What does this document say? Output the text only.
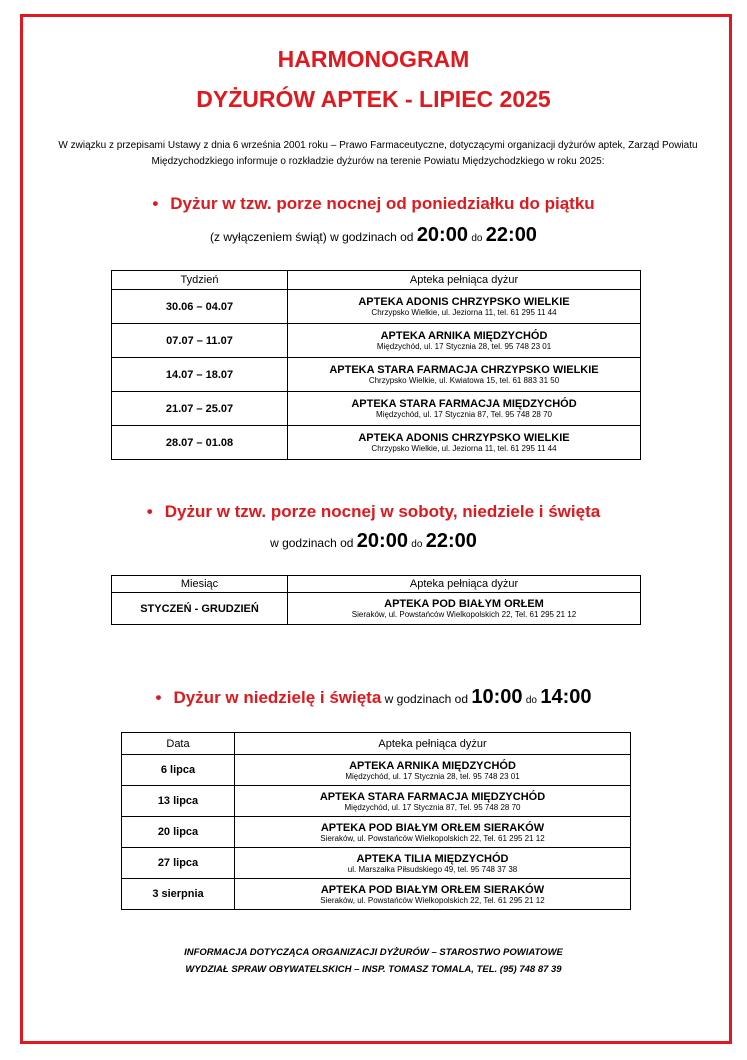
HARMONOGRAM
DYŻURÓW APTEK - LIPIEC 2025
W związku z przepisami Ustawy z dnia 6 września 2001 roku – Prawo Farmaceutyczne, dotyczącymi organizacji dyżurów aptek, Zarząd Powiatu Międzychodzkiego informuje o rozkładzie dyżurów na terenie Powiatu Międzychodzkiego w roku 2025:
• Dyżur w tzw. porze nocnej od poniedziałku do piątku
(z wyłączeniem świąt) w godzinach od 20:00 do 22:00
Tydzień	Apteka pełniąca dyżur
30.06 – 04.07	APTEKA ADONIS CHRZYPSKO WIELKIE
Chrzypsko Wielkie, ul. Jeziorna 11, tel. 61 295 11 44

07.07 – 11.07	APTEKA ARNIKA MIĘDZYCHÓD
Międzychód, ul. 17 Stycznia 28, tel. 95 748 23 01

14.07 – 18.07	APTEKA STARA FARMACJA CHRZYPSKO WIELKIE
Chrzypsko Wielkie, ul. Kwiatowa 15, tel. 61 883 31 50

21.07 – 25.07	APTEKA STARA FARMACJA MIĘDZYCHÓD
Międzychód, ul. 17 Stycznia 87, Tel. 95 748 28 70

28.07 – 01.08	APTEKA ADONIS CHRZYPSKO WIELKIE
Chrzypsko Wielkie, ul. Jeziorna 11, tel. 61 295 11 44
• Dyżur w tzw. porze nocnej w soboty, niedziele i święta
w godzinach od 20:00 do 22:00
Miesiąc	Apteka pełniąca dyżur
STYCZEŃ - GRUDZIEŃ	APTEKA POD BIAŁYM ORŁEM
Sieraków, ul. Powstańców Wielkopolskich 22, Tel. 61 295 21 12
• Dyżur w niedzielę i święta w godzinach od 10:00 do 14:00
Data	Apteka pełniąca dyżur
6 lipca	APTEKA ARNIKA MIĘDZYCHÓD
Międzychód, ul. 17 Stycznia 28, tel. 95 748 23 01

13 lipca	APTEKA STARA FARMACJA MIĘDZYCHÓD
Międzychód, ul. 17 Stycznia 87, Tel. 95 748 28 70

20 lipca	APTEKA POD BIAŁYM ORŁEM SIERAKÓW
Sieraków, ul. Powstańców Wielkopolskich 22, Tel. 61 295 21 12

27 lipca	APTEKA TILIA MIĘDZYCHÓD
ul. Marszałka Piłsudskiego 49, tel. 95 748 37 38

3 sierpnia	APTEKA POD BIAŁYM ORŁEM SIERAKÓW
Sieraków, ul. Powstańców Wielkopolskich 22, Tel. 61 295 21 12
INFORMACJA DOTYCZĄCA ORGANIZACJI DYŻURÓW – STAROSTWO POWIATOWE
WYDZIAŁ SPRAW OBYWATELSKICH – INSP. TOMASZ TOMALA, TEL. (95) 748 87 39
